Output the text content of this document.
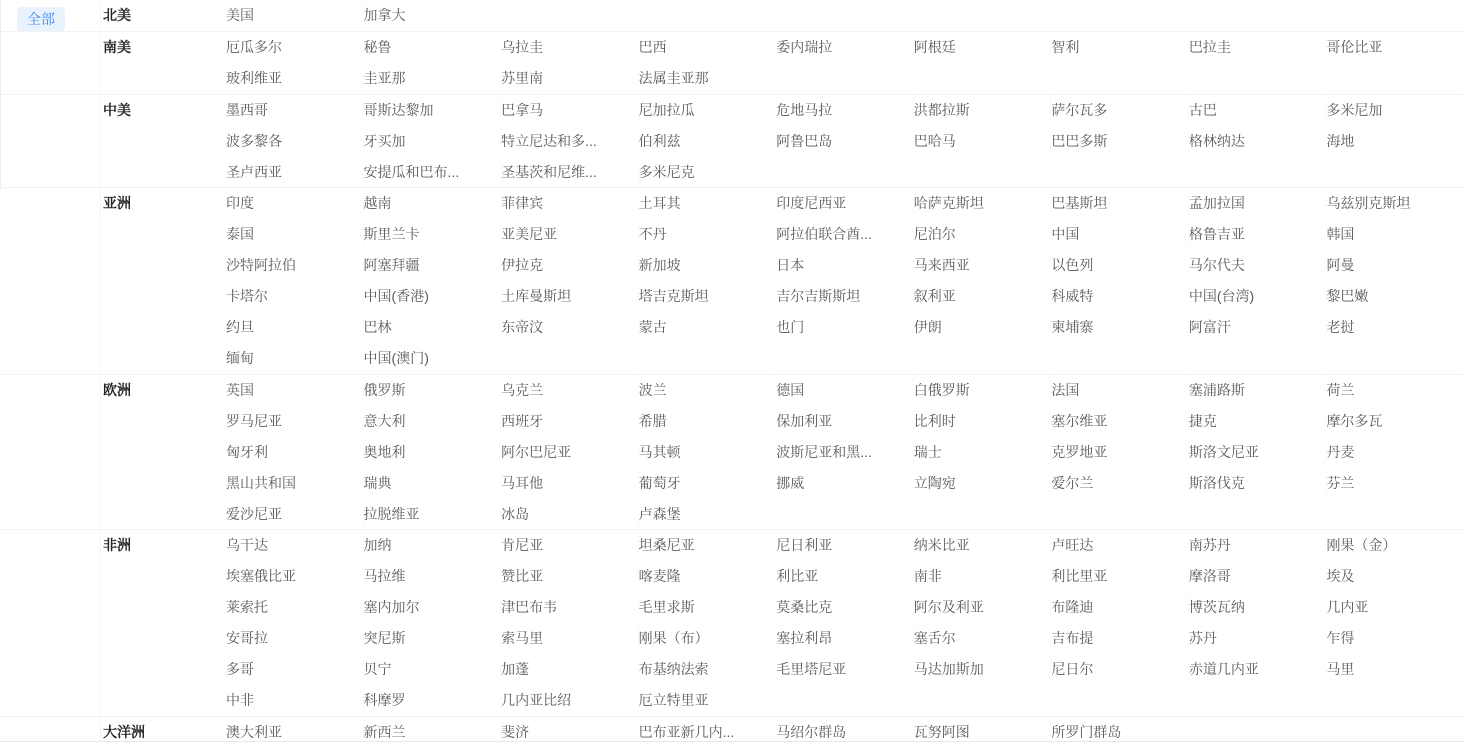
北美	美国	加拿大
南美	厄瓜多尔	秘鲁	乌拉圭	巴西	委内瑞拉	阿根廷	智利	巴拉圭	哥伦比亚
玻利维亚	圭亚那	苏里南	法属圭亚那
中美	墨西哥	哥斯达黎加	巴拿马	尼加拉瓜	危地马拉	洪都拉斯	萨尔瓦多	古巴	多米尼加
波多黎各	牙买加	特立尼达和多...	伯利兹	阿鲁巴岛	巴哈马	巴巴多斯	格林纳达	海地
圣卢西亚	安提瓜和巴布...	圣基茨和尼维...	多米尼克
亚洲	印度	越南	菲律宾	土耳其	印度尼西亚	哈萨克斯坦	巴基斯坦	孟加拉国	乌兹别克斯坦
泰国	斯里兰卡	亚美尼亚	不丹	阿拉伯联合酋...	尼泊尔	中国	格鲁吉亚	韩国
沙特阿拉伯	阿塞拜疆	伊拉克	新加坡	日本	马来西亚	以色列	马尔代夫	阿曼
卡塔尔	中国(香港)	土库曼斯坦	塔吉克斯坦	吉尔吉斯斯坦	叙利亚	科威特	中国(台湾)	黎巴嫩
约旦	巴林	东帝汶	蒙古	也门	伊朗	柬埔寨	阿富汗	老挝
缅甸	中国(澳门)
欧洲	英国	俄罗斯	乌克兰	波兰	德国	白俄罗斯	法国	塞浦路斯	荷兰
罗马尼亚	意大利	西班牙	希腊	保加利亚	比利时	塞尔维亚	捷克	摩尔多瓦
匈牙利	奥地利	阿尔巴尼亚	马其顿	波斯尼亚和黑...	瑞士	克罗地亚	斯洛文尼亚	丹麦
黑山共和国	瑞典	马耳他	葡萄牙	挪威	立陶宛	爱尔兰	斯洛伐克	芬兰
爱沙尼亚	拉脱维亚	冰岛	卢森堡
非洲	乌干达	加纳	肯尼亚	坦桑尼亚	尼日利亚	纳米比亚	卢旺达	南苏丹	刚果（金）
埃塞俄比亚	马拉维	赞比亚	喀麦隆	利比亚	南非	利比里亚	摩洛哥	埃及
莱索托	塞内加尔	津巴布韦	毛里求斯	莫桑比克	阿尔及利亚	布隆迪	博茨瓦纳	几内亚
安哥拉	突尼斯	索马里	刚果（布）	塞拉利昂	塞舌尔	吉布提	苏丹	乍得
多哥	贝宁	加蓬	布基纳法索	毛里塔尼亚	马达加斯加	尼日尔	赤道几内亚	马里
中非	科摩罗	几内亚比绍	厄立特里亚
大洋洲	澳大利亚	新西兰	斐济	巴布亚新几内...	马绍尔群岛	瓦努阿图	所罗门群岛
全部
